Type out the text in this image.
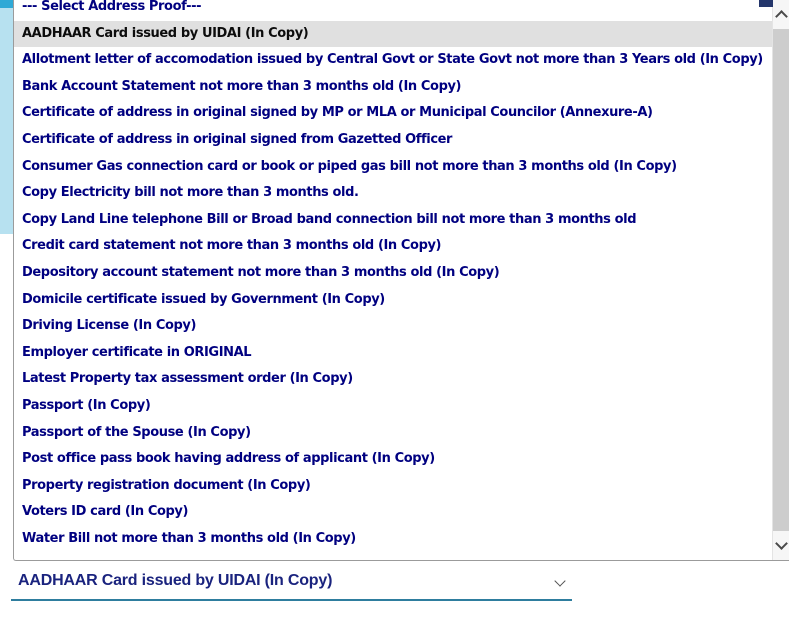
--- Select Address Proof---
AADHAAR Card issued by UIDAI (In Copy)
Allotment letter of accomodation issued by Central Govt or State Govt not more than 3 Years old (In Copy)
Bank Account Statement not more than 3 months old (In Copy)
Certificate of address in original signed by MP or MLA or Municipal Councilor (Annexure-A)
Certificate of address in original signed from Gazetted Officer
Consumer Gas connection card or book or piped gas bill not more than 3 months old (In Copy)
Copy Electricity bill not more than 3 months old.
Copy Land Line telephone Bill or Broad band connection bill not more than 3 months old
Credit card statement not more than 3 months old (In Copy)
Depository account statement not more than 3 months old (In Copy)
Domicile certificate issued by Government (In Copy)
Driving License (In Copy)
Employer certificate in ORIGINAL
Latest Property tax assessment order (In Copy)
Passport (In Copy)
Passport of the Spouse (In Copy)
Post office pass book having address of applicant (In Copy)
Property registration document (In Copy)
Voters ID card (In Copy)
Water Bill not more than 3 months old (In Copy)
AADHAAR Card issued by UIDAI (In Copy)
